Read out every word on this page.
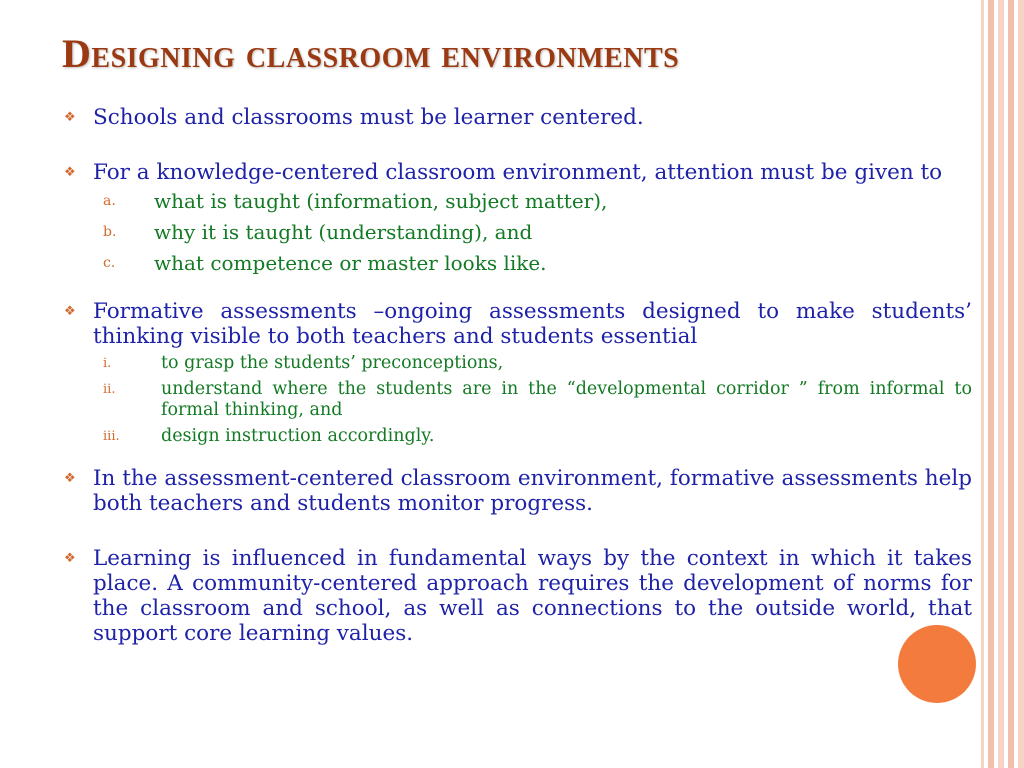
Designing classroom environments
❖ Schools and classrooms must be learner centered.
❖ For a knowledge-centered classroom environment, attention must be given to
a.	what is taught (information, subject matter),
b.	why it is taught (understanding), and
c.	what competence or master looks like.
❖ Formative assessments –ongoing assessments designed to make students’ thinking visible to both teachers and students essential
i.	to grasp the students’ preconceptions,
ii.	understand where the students are in the “developmental corridor ” from informal to formal thinking, and
iii.	design instruction accordingly.
❖ In the assessment-centered classroom environment, formative assessments help both teachers and students monitor progress.
❖ Learning is influenced in fundamental ways by the context in which it takes place. A community-centered approach requires the development of norms for the classroom and school, as well as connections to the outside world, that support core learning values.
